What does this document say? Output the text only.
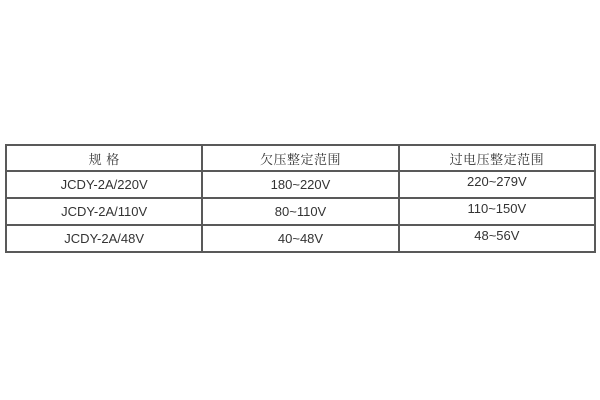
规 格	欠压整定范围	过电压整定范围
JCDY-2A/220V	180~220V	220~279V
JCDY-2A/110V	80~110V	110~150V
JCDY-2A/48V	40~48V	48~56V
